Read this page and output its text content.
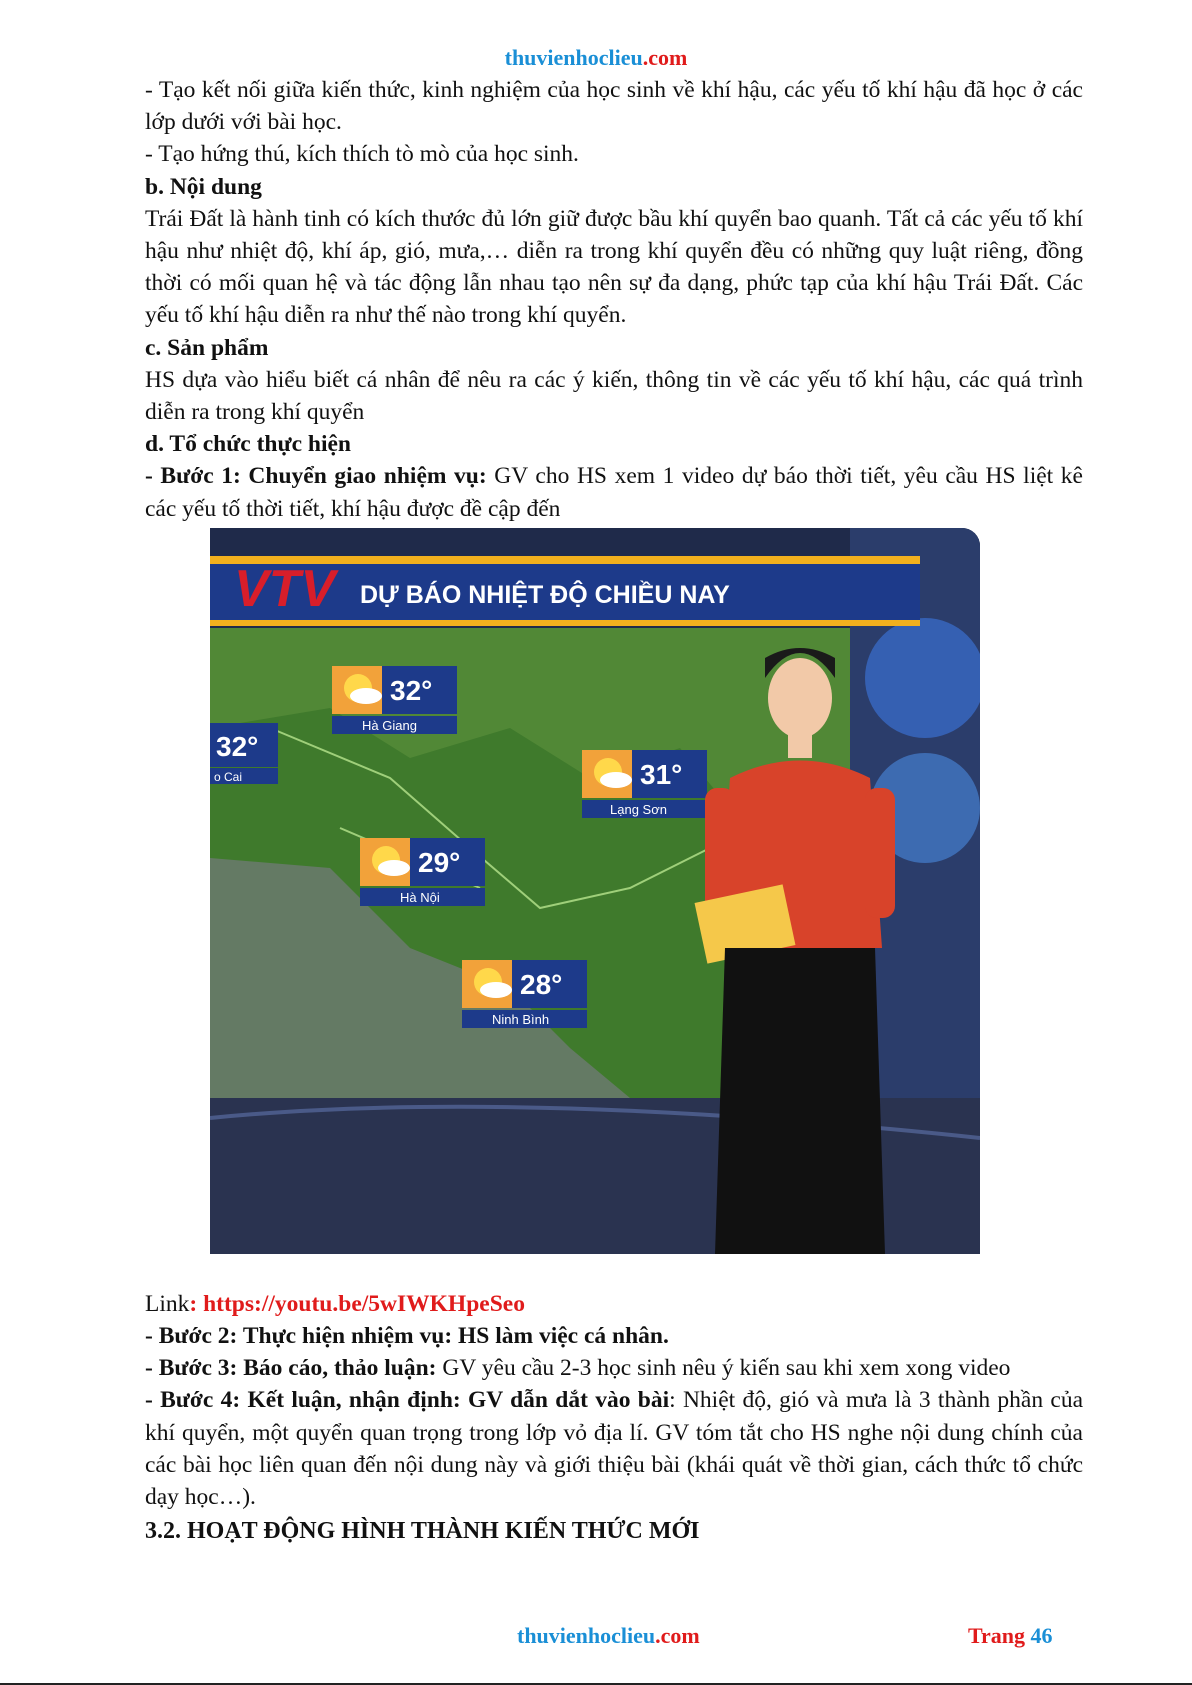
thuvienhoclieu.com

- Tạo kết nối giữa kiến thức, kinh nghiệm của học sinh về khí hậu, các yếu tố khí hậu đã học ở các lớp dưới với bài học.

- Tạo hứng thú, kích thích tò mò của học sinh.

b. Nội dung

Trái Đất là hành tinh có kích thước đủ lớn giữ được bầu khí quyển bao quanh. Tất cả các yếu tố khí hậu như nhiệt độ, khí áp, gió, mưa,… diễn ra trong khí quyển đều có những quy luật riêng, đồng thời có mối quan hệ và tác động lẫn nhau tạo nên sự đa dạng, phức tạp của khí hậu Trái Đất. Các yếu tố khí hậu diễn ra như thế nào trong khí quyển.

c. Sản phẩm

HS dựa vào hiểu biết cá nhân để nêu ra các ý kiến, thông tin về các yếu tố khí hậu, các quá trình diễn ra trong khí quyển

d. Tổ chức thực hiện

- Bước 1: Chuyển giao nhiệm vụ: GV cho HS xem 1 video dự báo thời tiết, yêu cầu HS liệt kê các yếu tố thời tiết, khí hậu được đề cập đến

VTV DỰ BÁO NHIỆT ĐỘ CHIỀU NAY
32°
Hà Giang
32°
o Cai	31°
Lạng Sơn
29°
Hà Nội
28°
Ninh Bình

Link: https://youtu.be/5wIWKHpeSeo

- Bước 2: Thực hiện nhiệm vụ: HS làm việc cá nhân.

- Bước 3: Báo cáo, thảo luận: GV yêu cầu 2-3 học sinh nêu ý kiến sau khi xem xong video

- Bước 4: Kết luận, nhận định: GV dẫn dắt vào bài: Nhiệt độ, gió và mưa là 3 thành phần của khí quyển, một quyển quan trọng trong lớp vỏ địa lí. GV tóm tắt cho HS nghe nội dung chính của các bài học liên quan đến nội dung này và giới thiệu bài (khái quát về thời gian, cách thức tổ chức dạy học…).

3.2. HOẠT ĐỘNG HÌNH THÀNH KIẾN THỨC MỚI

thuvienhoclieu.com	Trang 46
